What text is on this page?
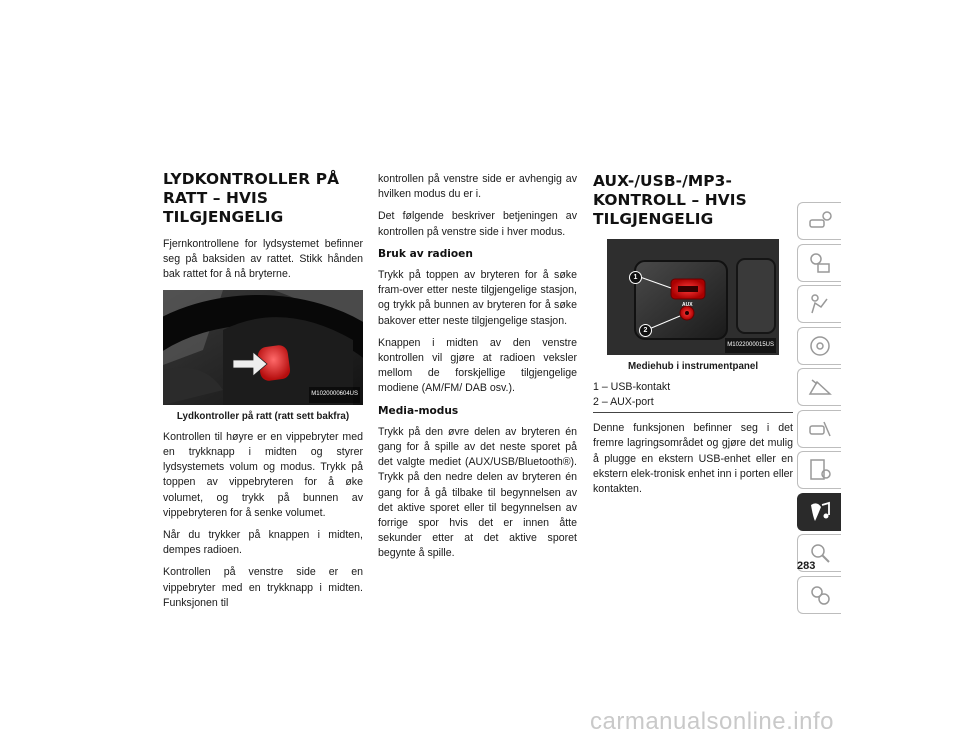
LYDKONTROLLER PÅ RATT – HVIS TILGJENGELIG

Fjernkontrollene for lydsystemet befinner seg på baksiden av rattet. Stikk hånden bak rattet for å nå bryterne.

M1020000604US
Lydkontroller på ratt (ratt sett bakfra)

Kontrollen til høyre er en vippebryter med en trykknapp i midten og styrer lydsystemets volum og modus. Trykk på toppen av vippebryteren for å øke volumet, og trykk på bunnen av vippebryteren for å senke volumet.

Når du trykker på knappen i midten, dempes radioen.

Kontrollen på venstre side er en vippebryter med en trykknapp i midten. Funksjonen til

kontrollen på venstre side er avhengig av hvilken modus du er i.

Det følgende beskriver betjeningen av kontrollen på venstre side i hver modus.

Bruk av radioen

Trykk på toppen av bryteren for å søke fram-over etter neste tilgjengelige stasjon, og trykk på bunnen av bryteren for å søke bakover etter neste tilgjengelige stasjon.

Knappen i midten av den venstre kontrollen vil gjøre at radioen veksler mellom de forskjellige tilgjengelige modiene (AM/FM/ DAB osv.).

Media-modus

Trykk på den øvre delen av bryteren én gang for å spille av det neste sporet på det valgte mediet (AUX/USB/Bluetooth®). Trykk på den nedre delen av bryteren én gang for å gå tilbake til begynnelsen av det aktive sporet eller til begynnelsen av forrige spor hvis det er innen åtte sekunder etter at det aktive sporet begynte å spille.

AUX-/USB-/MP3-KONTROLL – HVIS TILGJENGELIG
AUX
1
2
M1022000015US
Mediehub i instrumentpanel

1 – USB-kontakt

2 – AUX-port

Denne funksjonen befinner seg i det fremre lagringsområdet og gjøre det mulig å plugge en ekstern USB-enhet eller en ekstern elek-tronisk enhet inn i porten eller kontakten.

283
carmanualsonline.info
